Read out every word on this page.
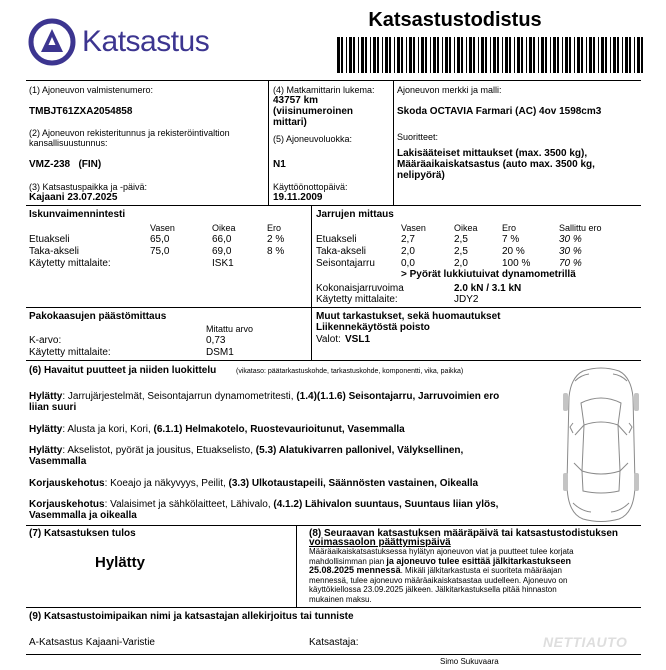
Katsastus
Katsastustodistus
(1) Ajoneuvon valmistenumero:
TMBJT61ZXA2054858
(2) Ajoneuvon rekisteritunnus ja rekisteröintivaltion
kansallisuustunnus:
VMZ-238   (FIN)
(3) Katsastuspaikka ja -päivä:
Kajaani 23.07.2025
(4) Matkamittarin lukema:
43757 km
(viisinumeroinen
mittari)
(5) Ajoneuvoluokka:
N1
Käyttöönottopäivä:
19.11.2009
Ajoneuvon merkki ja malli:
Skoda OCTAVIA Farmari (AC) 4ov 1598cm3
Suoritteet:
Lakisääteiset mittaukset (max. 3500 kg),
Määräaikaiskatsastus (auto max. 3500 kg,
nelipyörä)
Iskunvaimennintesti
Vasen	Oikea	Ero
Etuakseli	65,0	66,0	2 %
Taka-akseli	75,0	69,0	8 %
Käytetty mittalaite:	ISK1
Jarrujen mittaus
Vasen	Oikea	Ero	Sallittu ero
Etuakseli	2,7	2,5	7 %	30 %
Taka-akseli	2,0	2,5	20 %	30 %
Seisontajarru	0,0	2,0	100 %	70 %
> Pyörät lukkiutuivat dynamometrillä
Kokonaisjarruvoima	2.0 kN / 3.1 kN
Käytetty mittalaite:	JDY2
Pakokaasujen päästömittaus
Mitattu arvo
K-arvo:	0,73
Käytetty mittalaite:	DSM1
Muut tarkastukset, sekä huomautukset
Liikennekäytöstä poisto
Valot: VSL1
(6) Havaitut puutteet ja niiden luokittelu	(vikataso: päätarkastuskohde, tarkastuskohde, komponentti, vika, paikka)
Hylätty: Jarrujärjestelmät, Seisontajarrun dynamometritesti, (1.4)(1.1.6) Seisontajarru, Jarruvoimien ero
liian suuri
Hylätty: Alusta ja kori, Kori, (6.1.1) Helmakotelo, Ruostevaurioitunut, Vasemmalla

Hylätty: Akselistot, pyörät ja jousitus, Etuakselisto, (5.3) Alatukivarren pallonivel, Välyksellinen,
Vasemmalla
Korjauskehotus: Koeajo ja näkyvyys, Peilit, (3.3) Ulkotaustapeili, Säännösten vastainen, Oikealla
Korjauskehotus: Valaisimet ja sähkölaitteet, Lähivalo, (4.1.2) Lähivalon suuntaus, Suuntaus liian ylös,
Vasemmalla ja oikealla
(7) Katsastuksen tulos
Hylätty
(8) Seuraavan katsastuksen määräpäivä tai katsastustodistuksen
voimassaolon päättymispäivä
Määräaikaiskatsastuksessa hylätyn ajoneuvon viat ja puutteet tulee korjata
mahdollisimman pian ja ajoneuvo tulee esittää jälkitarkastukseen
25.08.2025 mennessä. Mikäli jälkitarkastusta ei suoriteta määräajan
mennessä, tulee ajoneuvo määräaikaiskatsastaa uudelleen. Ajoneuvo on
käyttökiellossa 23.09.2025 jälkeen. Jälkitarkastuksella pitää hinnaston
mukainen maksu.
(9) Katsastustoimipaikan nimi ja katsastajan allekirjoitus tai tunniste
A-Katsastus Kajaani-Varistie	Katsastaja:
Simo Sukuvaara
NETTIAUTO
